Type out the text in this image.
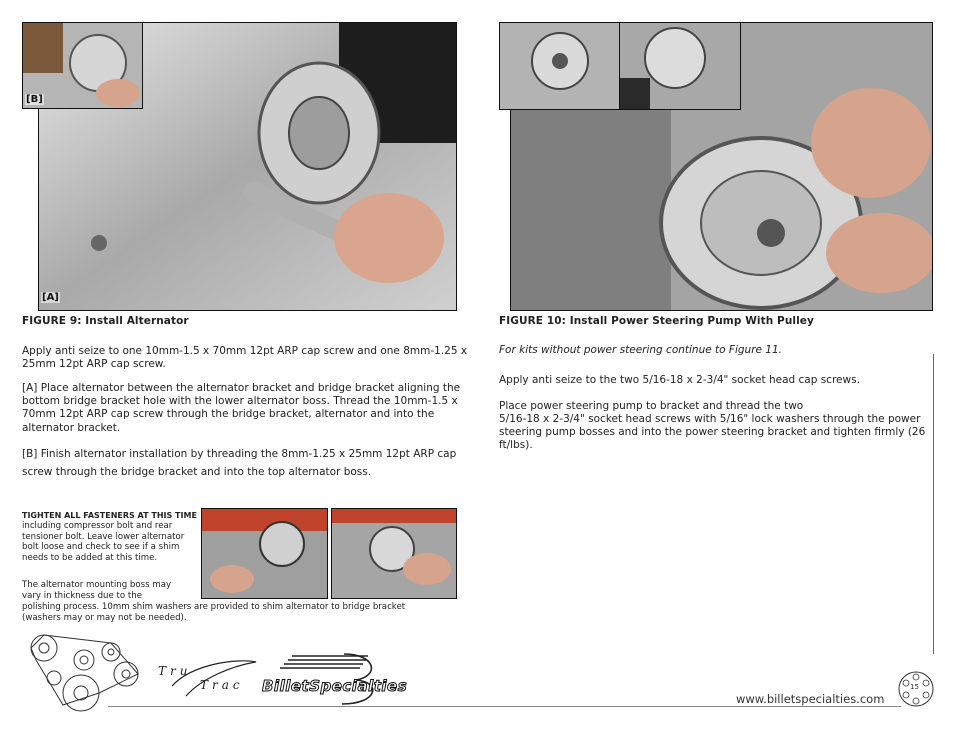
[B]
[A]
FIGURE 9: Install Alternator
Apply anti seize to one 10mm-1.5 x 70mm 12pt ARP cap screw and one 8mm-1.25 x 25mm 12pt ARP cap screw.
[A] Place alternator between the alternator bracket and bridge bracket aligning the bottom bridge bracket hole with the lower alternator boss. Thread the 10mm-1.5 x 70mm 12pt ARP cap screw through the bridge bracket, alternator and into the alternator bracket.
[B] Finish alternator installation by threading the 8mm-1.25 x 25mm 12pt ARP cap
screw through the bridge bracket and into the top alternator boss.
TIGHTEN ALL FASTENERS AT THIS TIME
including compressor bolt and rear
tensioner bolt. Leave lower alternator
bolt loose and check to see if a shim
needs to be added at this time.
The alternator mounting boss may
vary in thickness due to the
polishing process. 10mm shim washers are provided to shim alternator to bridge bracket
(washers may or may not be needed).
FIGURE 10: Install Power Steering Pump With Pulley
For kits without power steering continue to Figure 11.
Apply anti seize to the two 5/16-18 x 2-3/4" socket head cap screws.
Place power steering pump to bracket and thread the two
5/16-18 x 2-3/4" socket head screws with 5/16" lock washers through the power steering pump bosses and into the power steering bracket and tighten firmly (26 ft/lbs).
Tru
Trac BilletSpecialties
www.billetspecialties.com
15
